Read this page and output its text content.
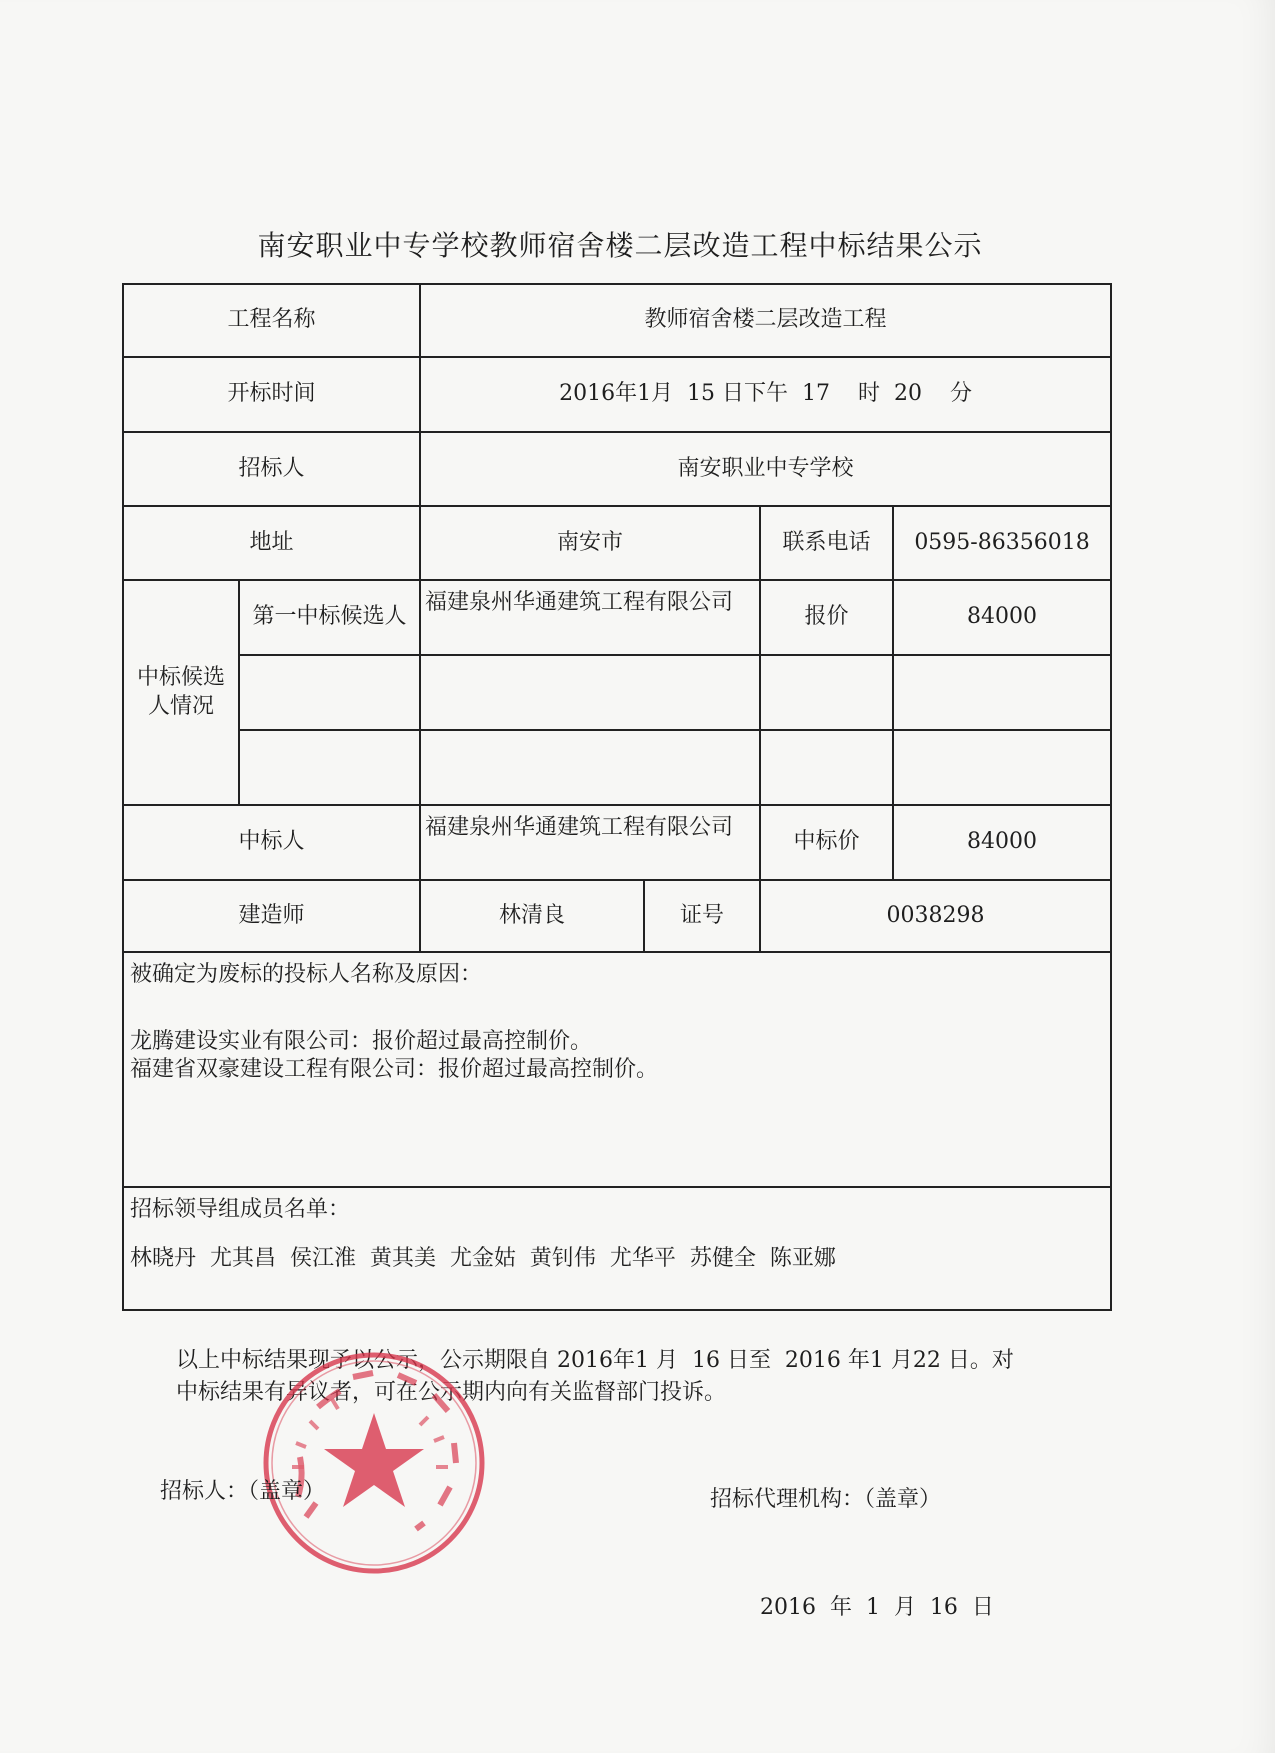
南安职业中专学校教师宿舍楼二层改造工程中标结果公示
工程名称		教师宿舍楼二层改造工程			
开标时间		2016年1月  15 日下午  17    时  20    分			
招标人		南安职业中专学校			
地址		南安市		联系电话	0595-86356018
中标候选人情况	第一中标候选人	福建泉州华通建筑工程有限公司		报价	84000

中标人		福建泉州华通建筑工程有限公司		中标价	84000
建造师		林清良	证号	0038298	

被确定为废标的投标人名称及原因：

龙腾建设实业有限公司：报价超过最高控制价。

福建省双豪建设工程有限公司：报价超过最高控制价。					

招标领导组成员名单：

林晓丹  尤其昌  侯江淮  黄其美  尤金姑  黄钊伟  尤华平  苏健全  陈亚娜					

以上中标结果现予以公示，公示期限自 2016年1 月  16 日至  2016 年1 月22 日。对
中标结果有异议者，可在公示期内向有关监督部门投诉。
招标人：（盖章）	招标代理机构：（盖章）
2016  年  1  月  16  日
